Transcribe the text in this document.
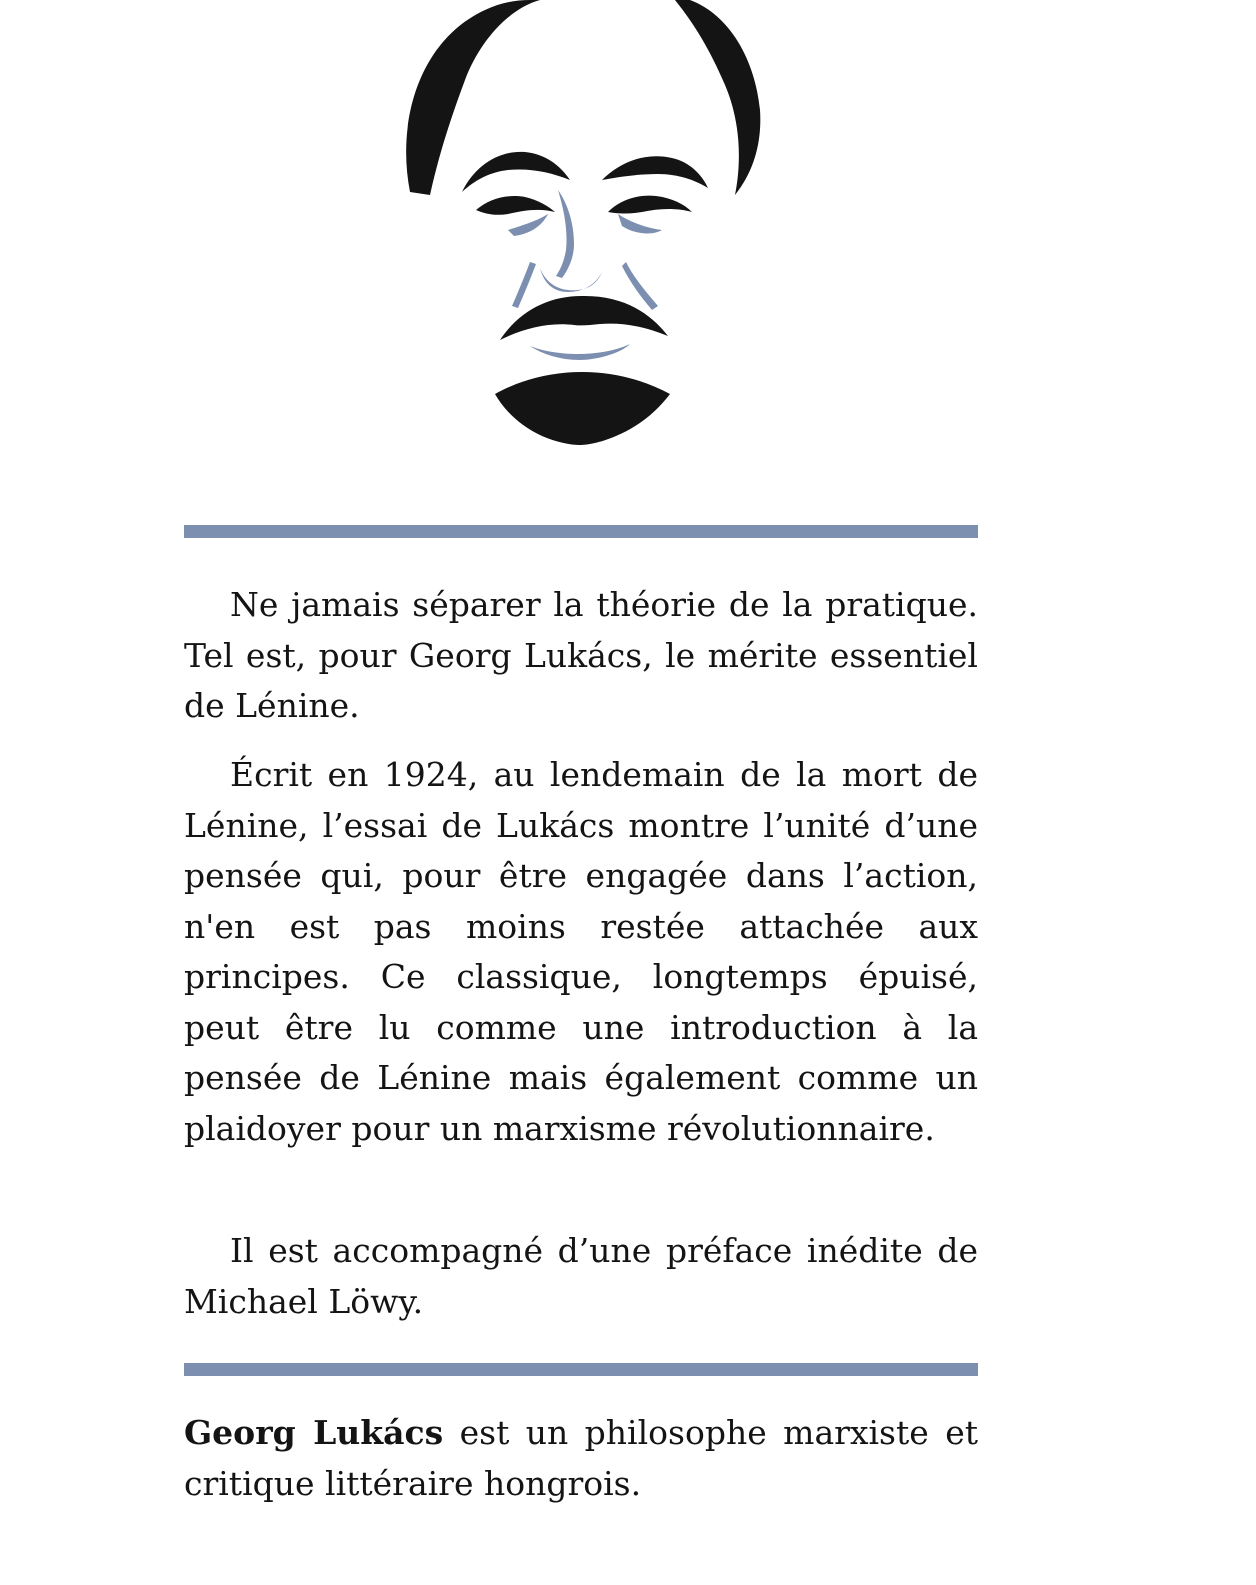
Ne jamais séparer la théorie de la pratique. Tel est, pour Georg Lukács, le mérite essentiel de Lénine.

Écrit en 1924, au lendemain de la mort de Lénine, l’essai de Lukács montre l’unité d’une pensée qui, pour être engagée dans l’action, n'en est pas moins restée attachée aux principes. Ce classique, longtemps épuisé, peut être lu comme une introduction à la pensée de Lénine mais également comme un plaidoyer pour un marxisme révolutionnaire.

Il est accompagné d’une préface inédite de Michael Löwy.

Georg Lukács est un philosophe marxiste et critique littéraire hongrois.
